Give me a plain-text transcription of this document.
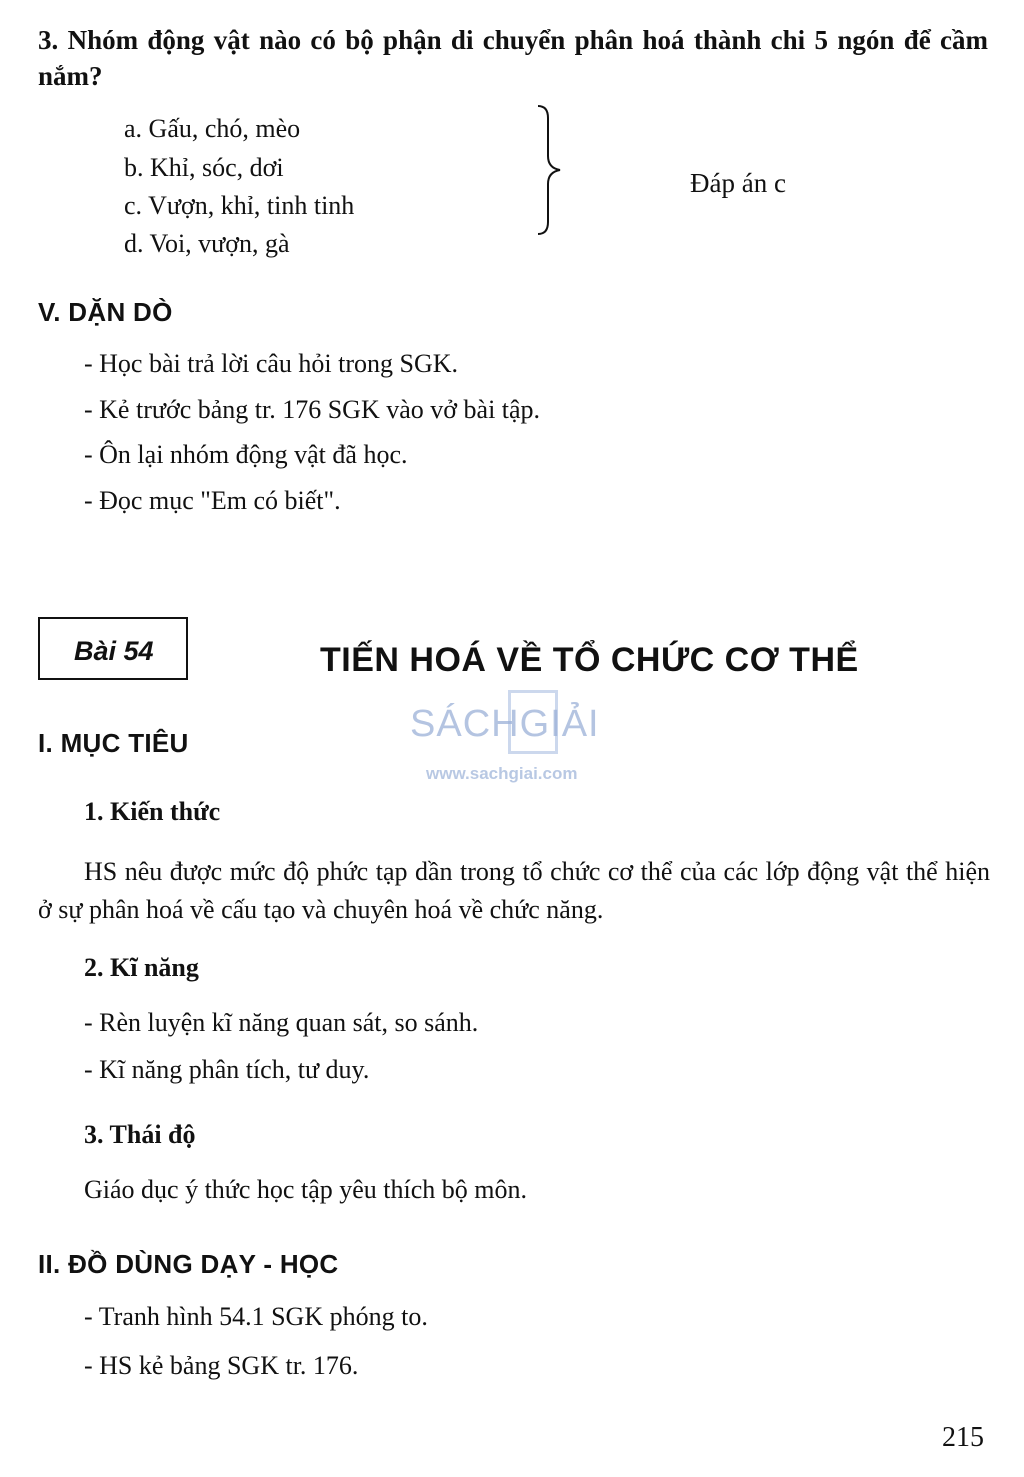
3. Nhóm động vật nào có bộ phận di chuyển phân hoá thành chi 5 ngón để cầm nắm?
a. Gấu, chó, mèo
b. Khỉ, sóc, dơi
c. Vượn, khỉ, tinh tinh
d. Voi, vượn, gà
Đáp án c
V. DẶN DÒ
- Học bài trả lời câu hỏi trong SGK.
- Kẻ trước bảng tr. 176 SGK vào vở bài tập.
- Ôn lại nhóm động vật đã học.
- Đọc mục "Em có biết".
Bài 54	TIẾN HOÁ VỀ TỔ CHỨC CƠ THỂ
SÁCHGIẢI
www.sachgiai.com
I. MỤC TIÊU
1. Kiến thức
HS nêu được mức độ phức tạp dần trong tổ chức cơ thể của các lớp động vật thể hiện ở sự phân hoá về cấu tạo và chuyên hoá về chức năng.
2. Kĩ năng
- Rèn luyện kĩ năng quan sát, so sánh.
- Kĩ năng phân tích, tư duy.
3. Thái độ
Giáo dục ý thức học tập yêu thích bộ môn.
II. ĐỒ DÙNG DẠY - HỌC
- Tranh hình 54.1 SGK phóng to.
- HS kẻ bảng SGK tr. 176.
215
